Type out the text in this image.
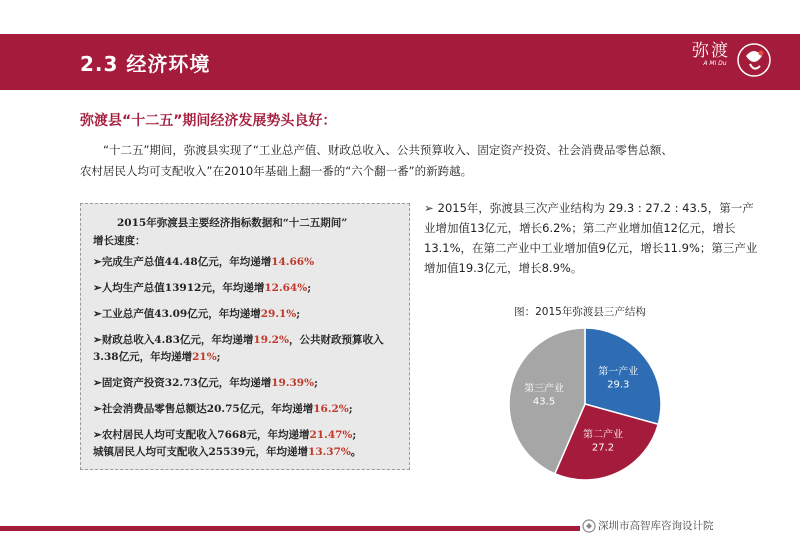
2.3 经济环境
弥渡
A Mi Du
弥渡县“十二五”期间经济发展势头良好：
“十二五”期间，弥渡县实现了“工业总产值、财政总收入、公共预算收入、固定资产投资、社会消费品零售总额、
农村居民人均可支配收入”在2010年基础上翻一番的“六个翻一番”的新跨越。
2015年弥渡县主要经济指标数据和“十二五期间”
增长速度：
➢完成生产总值44.48亿元，年均递增14.66%
➢人均生产总值13912元，年均递增12.64%;
➢工业总产值43.09亿元，年均递增29.1%;
➢财政总收入4.83亿元，年均递增19.2%，公共财政预算收入3.38亿元，年均递增21%;
➢固定资产投资32.73亿元，年均递增19.39%;
➢社会消费品零售总额达20.75亿元，年均递增16.2%;
➢农村居民人均可支配收入7668元，年均递增21.47%;
城镇居民人均可支配收入25539元，年均递增13.37%。
➢ 2015年，弥渡县三次产业结构为 29.3 : 27.2 : 43.5，第一产业增加值13亿元，增长6.2%；第二产业增加值12亿元，增长13.1%，在第二产业中工业增加值9亿元，增长11.9%；第三产业增加值19.3亿元，增长8.9%。
图：2015年弥渡县三产结构
第一产业 29.3
第二产业 27.2
第三产业 43.5
深圳市高智库咨询设计院
